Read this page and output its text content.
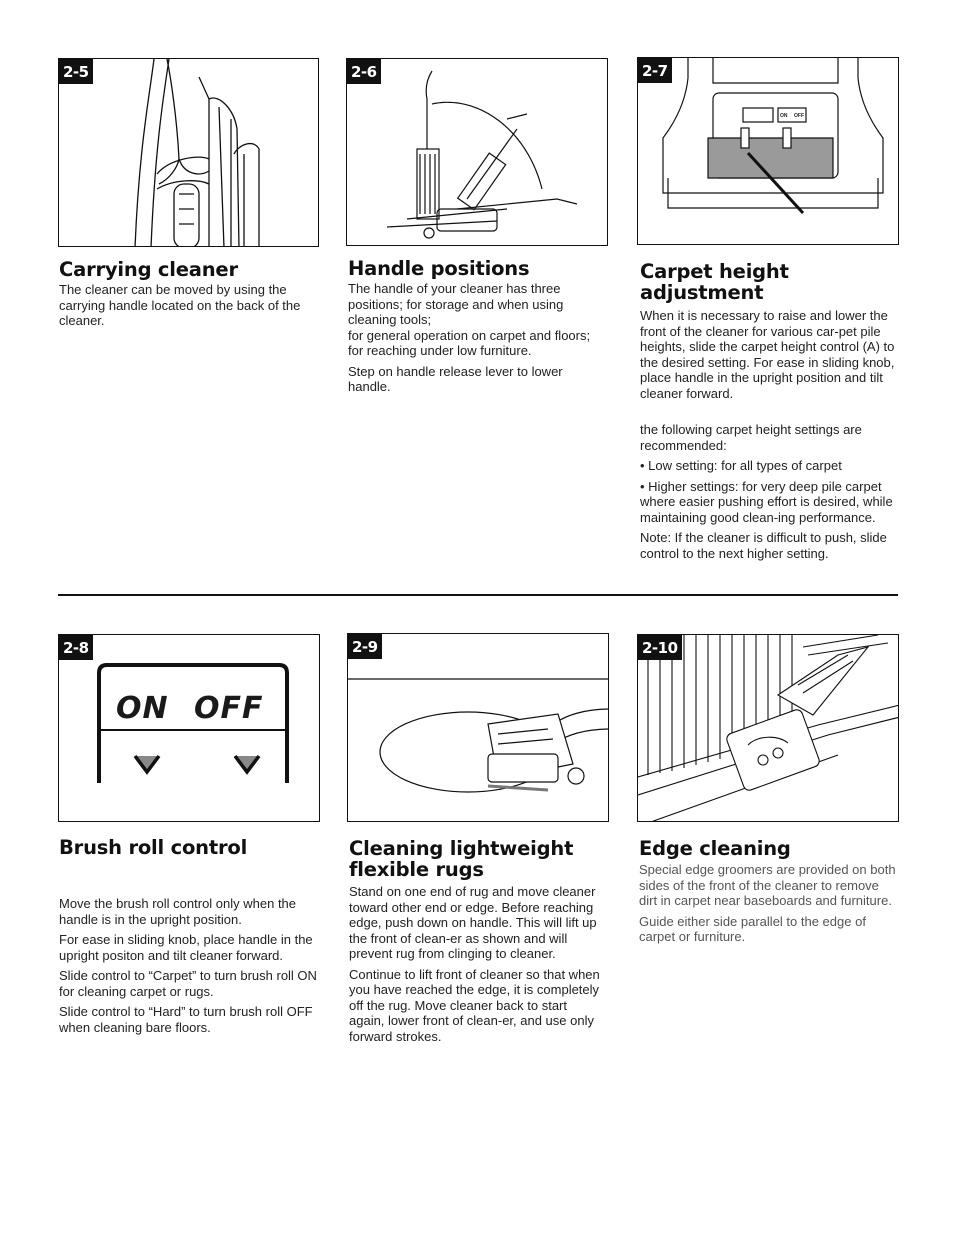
2-5	2-6	2-7
ON OFF
Carrying cleaner

The cleaner can be moved by using the carrying handle located on the back of the cleaner.

Handle positions

The handle of your cleaner has three positions; for storage and when using cleaning tools;

for general operation on carpet and floors; for reaching under low furniture.

Step on handle release lever to lower handle.

Carpet height adjustment

When it is necessary to raise and lower the front of the cleaner for various car-pet pile heights, slide the carpet height control (A) to the desired setting. For ease in sliding knob, place handle in the upright position and tilt cleaner forward.

the following carpet height settings are recommended:

• Low setting: for all types of carpet

• Higher settings: for very deep pile carpet where easier pushing effort is desired, while maintaining good clean-ing performance.

Note: If the cleaner is difficult to push, slide control to the next higher setting.

2-8
ON OFF
2-9	2-10
Brush roll control

Move the brush roll control only when the handle is in the upright position.

For ease in sliding knob, place handle in the upright positon and tilt cleaner forward.

Slide control to “Carpet” to turn brush roll ON for cleaning carpet or rugs.

Slide control to “Hard” to turn brush roll OFF when cleaning bare floors.

Cleaning lightweight flexible rugs

Stand on one end of rug and move cleaner toward other end or edge. Before reaching edge, push down on handle. This will lift up the front of clean-er as shown and will prevent rug from clinging to cleaner.

Continue to lift front of cleaner so that when you have reached the edge, it is completely off the rug. Move cleaner back to start again, lower front of clean-er, and use only forward strokes.

Edge cleaning

Special edge groomers are provided on both sides of the front of the cleaner to remove dirt in carpet near baseboards and furniture.

Guide either side parallel to the edge of carpet or furniture.
